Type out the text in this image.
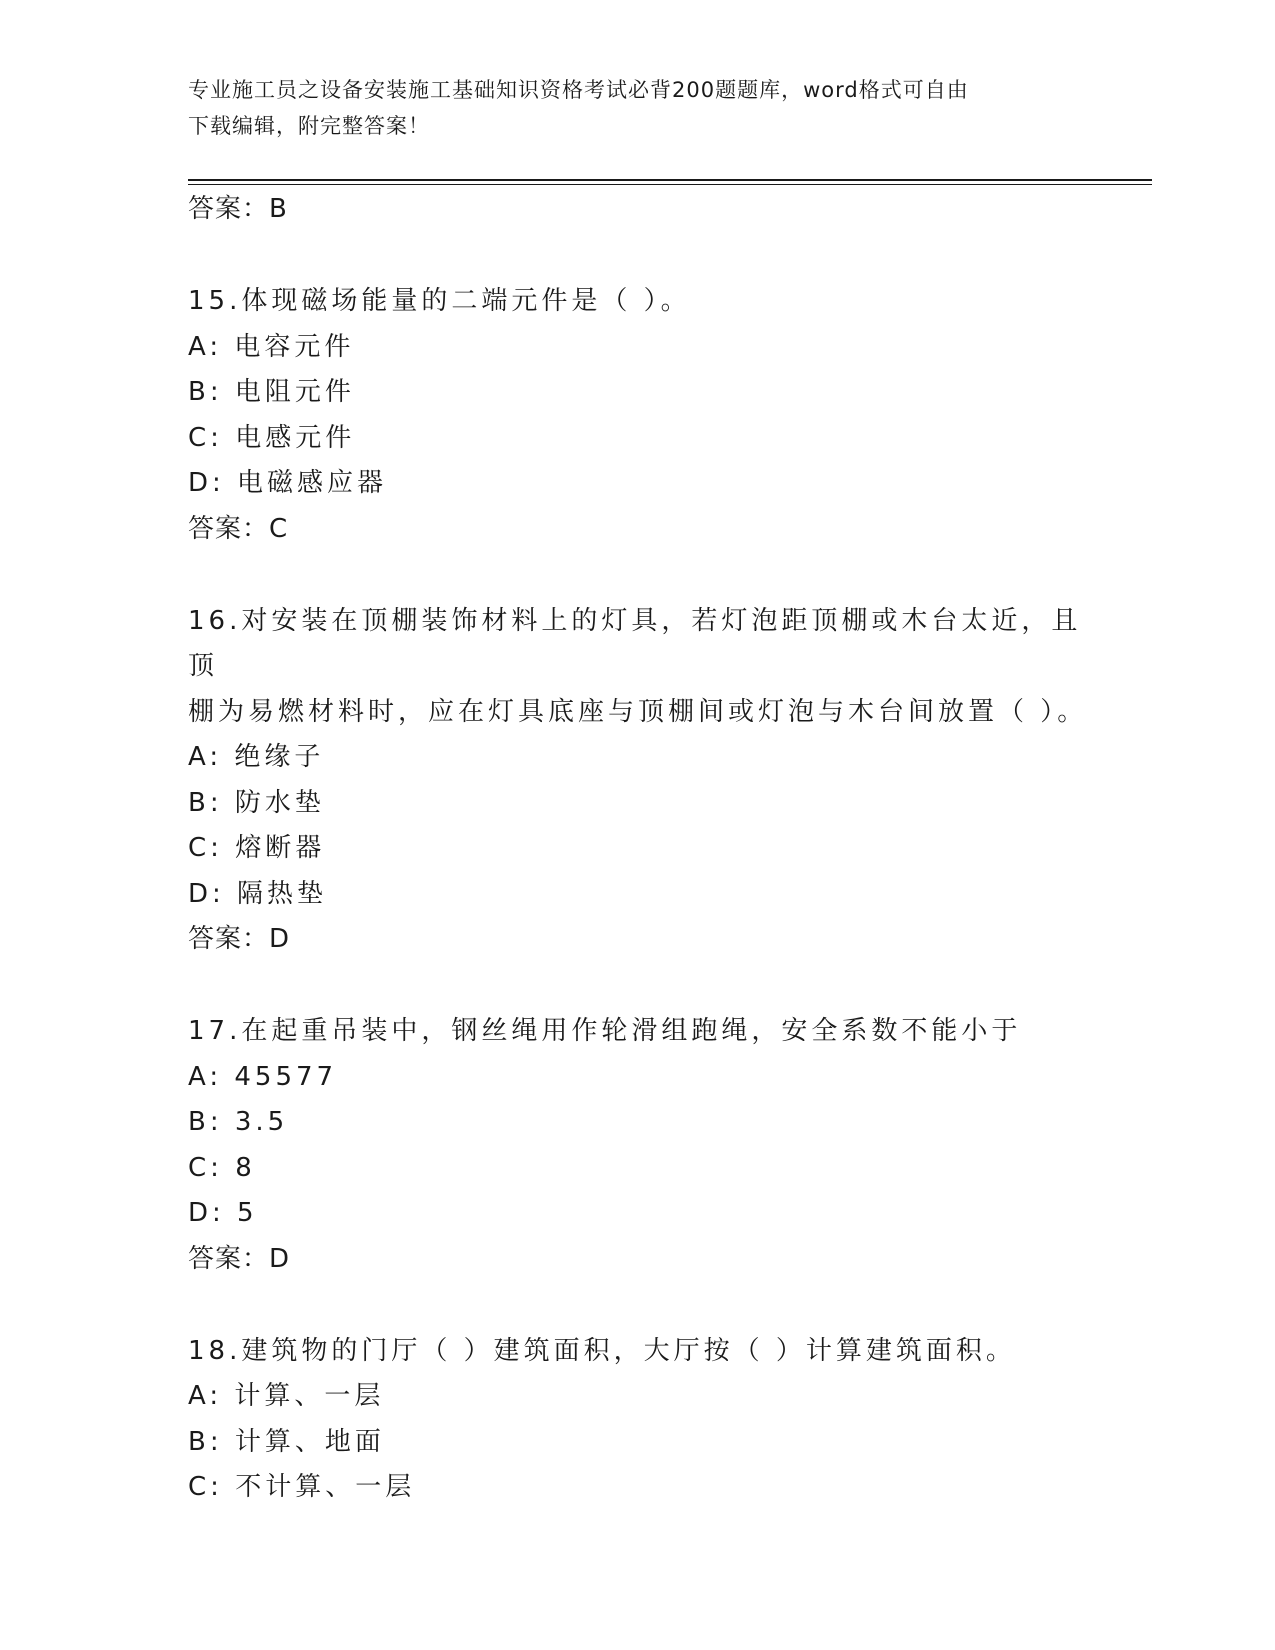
专业施工员之设备安装施工基础知识资格考试必背200题题库，word格式可自由
下载编辑，附完整答案！
答案：B
15.体现磁场能量的二端元件是（ ）。
A: 电容元件
B: 电阻元件
C: 电感元件
D: 电磁感应器
答案：C
16.对安装在顶棚装饰材料上的灯具，若灯泡距顶棚或木台太近，且顶
棚为易燃材料时，应在灯具底座与顶棚间或灯泡与木台间放置（ ）。
A: 绝缘子
B: 防水垫
C: 熔断器
D: 隔热垫
答案：D
17.在起重吊装中，钢丝绳用作轮滑组跑绳，安全系数不能小于
A: 45577
B: 3.5
C: 8
D: 5
答案：D
18.建筑物的门厅（ ）建筑面积，大厅按（ ）计算建筑面积。
A: 计算、一层
B: 计算、地面
C: 不计算、一层
